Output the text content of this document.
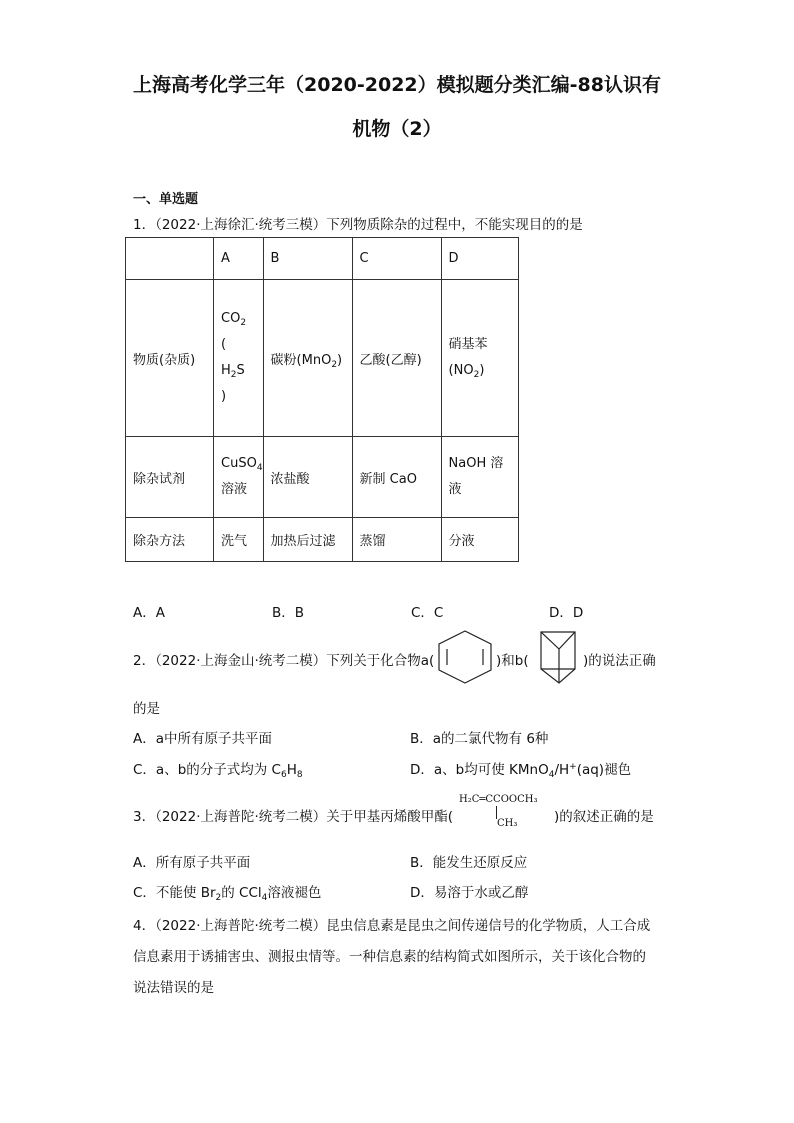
上海高考化学三年（2020-2022）模拟题分类汇编-88认识有
机物（2）
一、单选题
1．（2022·上海徐汇·统考三模）下列物质除杂的过程中，不能实现目的的是
	A	B	C	D
物质(杂质)	$CO_2$
(
$H_2S$
)	碳粉(MnO$_2$)	乙酸(乙醇)	硝基苯
$(NO_2)$

除杂试剂	CuSO$_4$
溶液	浓盐酸	新制 CaO	NaOH 溶
液

除杂方法	洗气	加热后过滤	蒸馏	分液
A．A	B．B	C．C	D．D
2．（2022·上海金山·统考二模）下列关于化合物a(	)和b(	)的说法正确
的是
A．a中所有原子共平面	B．a的二氯代物有 6种
C．a、b的分子式均为 $C_6H_8$	D．a、b均可使 KMnO$_4$/H+(aq)褪色
3．（2022·上海普陀·统考二模）关于甲基丙烯酸甲酯(
H₂C═CCOOCH₃
CH₃	)的叙述正确的是
A．所有原子共平面	B．能发生还原反应
C．不能使 $Br_2$的 CCl$_4$溶液褪色	D．易溶于水或乙醇
4．（2022·上海普陀·统考二模）昆虫信息素是昆虫之间传递信号的化学物质，人工合成
信息素用于诱捕害虫、测报虫情等。一种信息素的结构简式如图所示，关于该化合物的
说法错误的是
